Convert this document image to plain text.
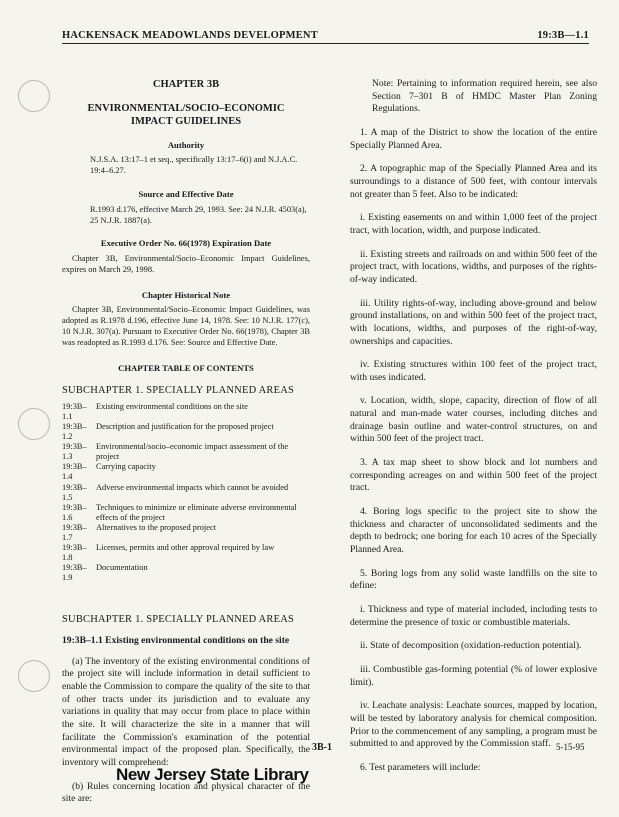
HACKENSACK MEADOWLANDS DEVELOPMENT	19:3B—1.1
CHAPTER 3B
ENVIRONMENTAL/SOCIO–ECONOMIC
IMPACT GUIDELINES
Authority
N.J.S.A. 13:17–1 et seq., specifically 13:17–6(i) and N.J.A.C. 19:4–6.27.
Source and Effective Date
R.1993 d.176, effective March 29, 1993. See: 24 N.J.R. 4503(a), 25 N.J.R. 1887(a).
Executive Order No. 66(1978) Expiration Date
Chapter 3B, Environmental/Socio–Economic Impact Guidelines, expires on March 29, 1998.
Chapter Historical Note
Chapter 3B, Environmental/Socio–Economic Impact Guidelines, was adopted as R.1978 d.196, effective June 14, 1978. See: 10 N.J.R. 177(c), 10 N.J.R. 307(a). Pursuant to Executive Order No. 66(1978), Chapter 3B was readopted as R.1993 d.176. See: Source and Effective Date.
CHAPTER TABLE OF CONTENTS
SUBCHAPTER 1. SPECIALLY PLANNED AREAS
19:3B–1.1
Existing environmental conditions on the site
19:3B–1.2
Description and justification for the proposed project
19:3B–1.3
Environmental/socio–economic impact assessment of the project
19:3B–1.4
Carrying capacity
19:3B–1.5
Adverse environmental impacts which cannot be avoided
19:3B–1.6
Techniques to minimize or eliminate adverse environmental effects of the project
19:3B–1.7
Alternatives to the proposed project
19:3B–1.8
Licenses, permits and other approval required by law
19:3B–1.9
Documentation
SUBCHAPTER 1. SPECIALLY PLANNED AREAS
19:3B–1.1 Existing environmental conditions on the site
(a) The inventory of the existing environmental conditions of the project site will include information in detail sufficient to enable the Commission to compare the quality of the site to that of other tracts under its jurisdiction and to evaluate any variations in quality that may occur from place to place within the site. It will characterize the site in a manner that will facilitate the Commission's examination of the potential environmental impact of the proposed plan. Specifically, the inventory will comprehend:
(b) Rules concerning location and physical character of the site are:
Note: Pertaining to information required herein, see also Section 7–301 B of HMDC Master Plan Zoning Regulations.
1. A map of the District to show the location of the entire Specially Planned Area.
2. A topographic map of the Specially Planned Area and its surroundings to a distance of 500 feet, with contour intervals not greater than 5 feet. Also to be indicated:
i. Existing easements on and within 1,000 feet of the project tract, with location, width, and purpose indicated.
ii. Existing streets and railroads on and within 500 feet of the project tract, with locations, widths, and purposes of the rights-of-way indicated.
iii. Utility rights-of-way, including above-ground and below ground installations, on and within 500 feet of the project tract, with locations, widths, and purposes of the right-of-way, ownerships and capacities.
iv. Existing structures within 100 feet of the project tract, with uses indicated.
v. Location, width, slope, capacity, direction of flow of all natural and man-made water courses, including ditches and drainage basin outline and water-control structures, on and within 500 feet of the project tract.
3. A tax map sheet to show block and lot numbers and corresponding acreages on and within 500 feet of the project tract.
4. Boring logs specific to the project site to show the thickness and character of unconsolidated sediments and the depth to bedrock; one boring for each 10 acres of the Specially Planned Area.
5. Boring logs from any solid waste landfills on the site to define:
i. Thickness and type of material included, including tests to determine the presence of toxic or combustible materials.
ii. State of decomposition (oxidation-reduction potential).
iii. Combustible gas-forming potential (% of lower explosive limit).
iv. Leachate analysis: Leachate sources, mapped by location, will be tested by laboratory analysis for chemical composition. Prior to the commencement of any sampling, a program must be submitted to and approved by the Commission staff.
6. Test parameters will include:
3B-1	5-15-95
New Jersey State Library
